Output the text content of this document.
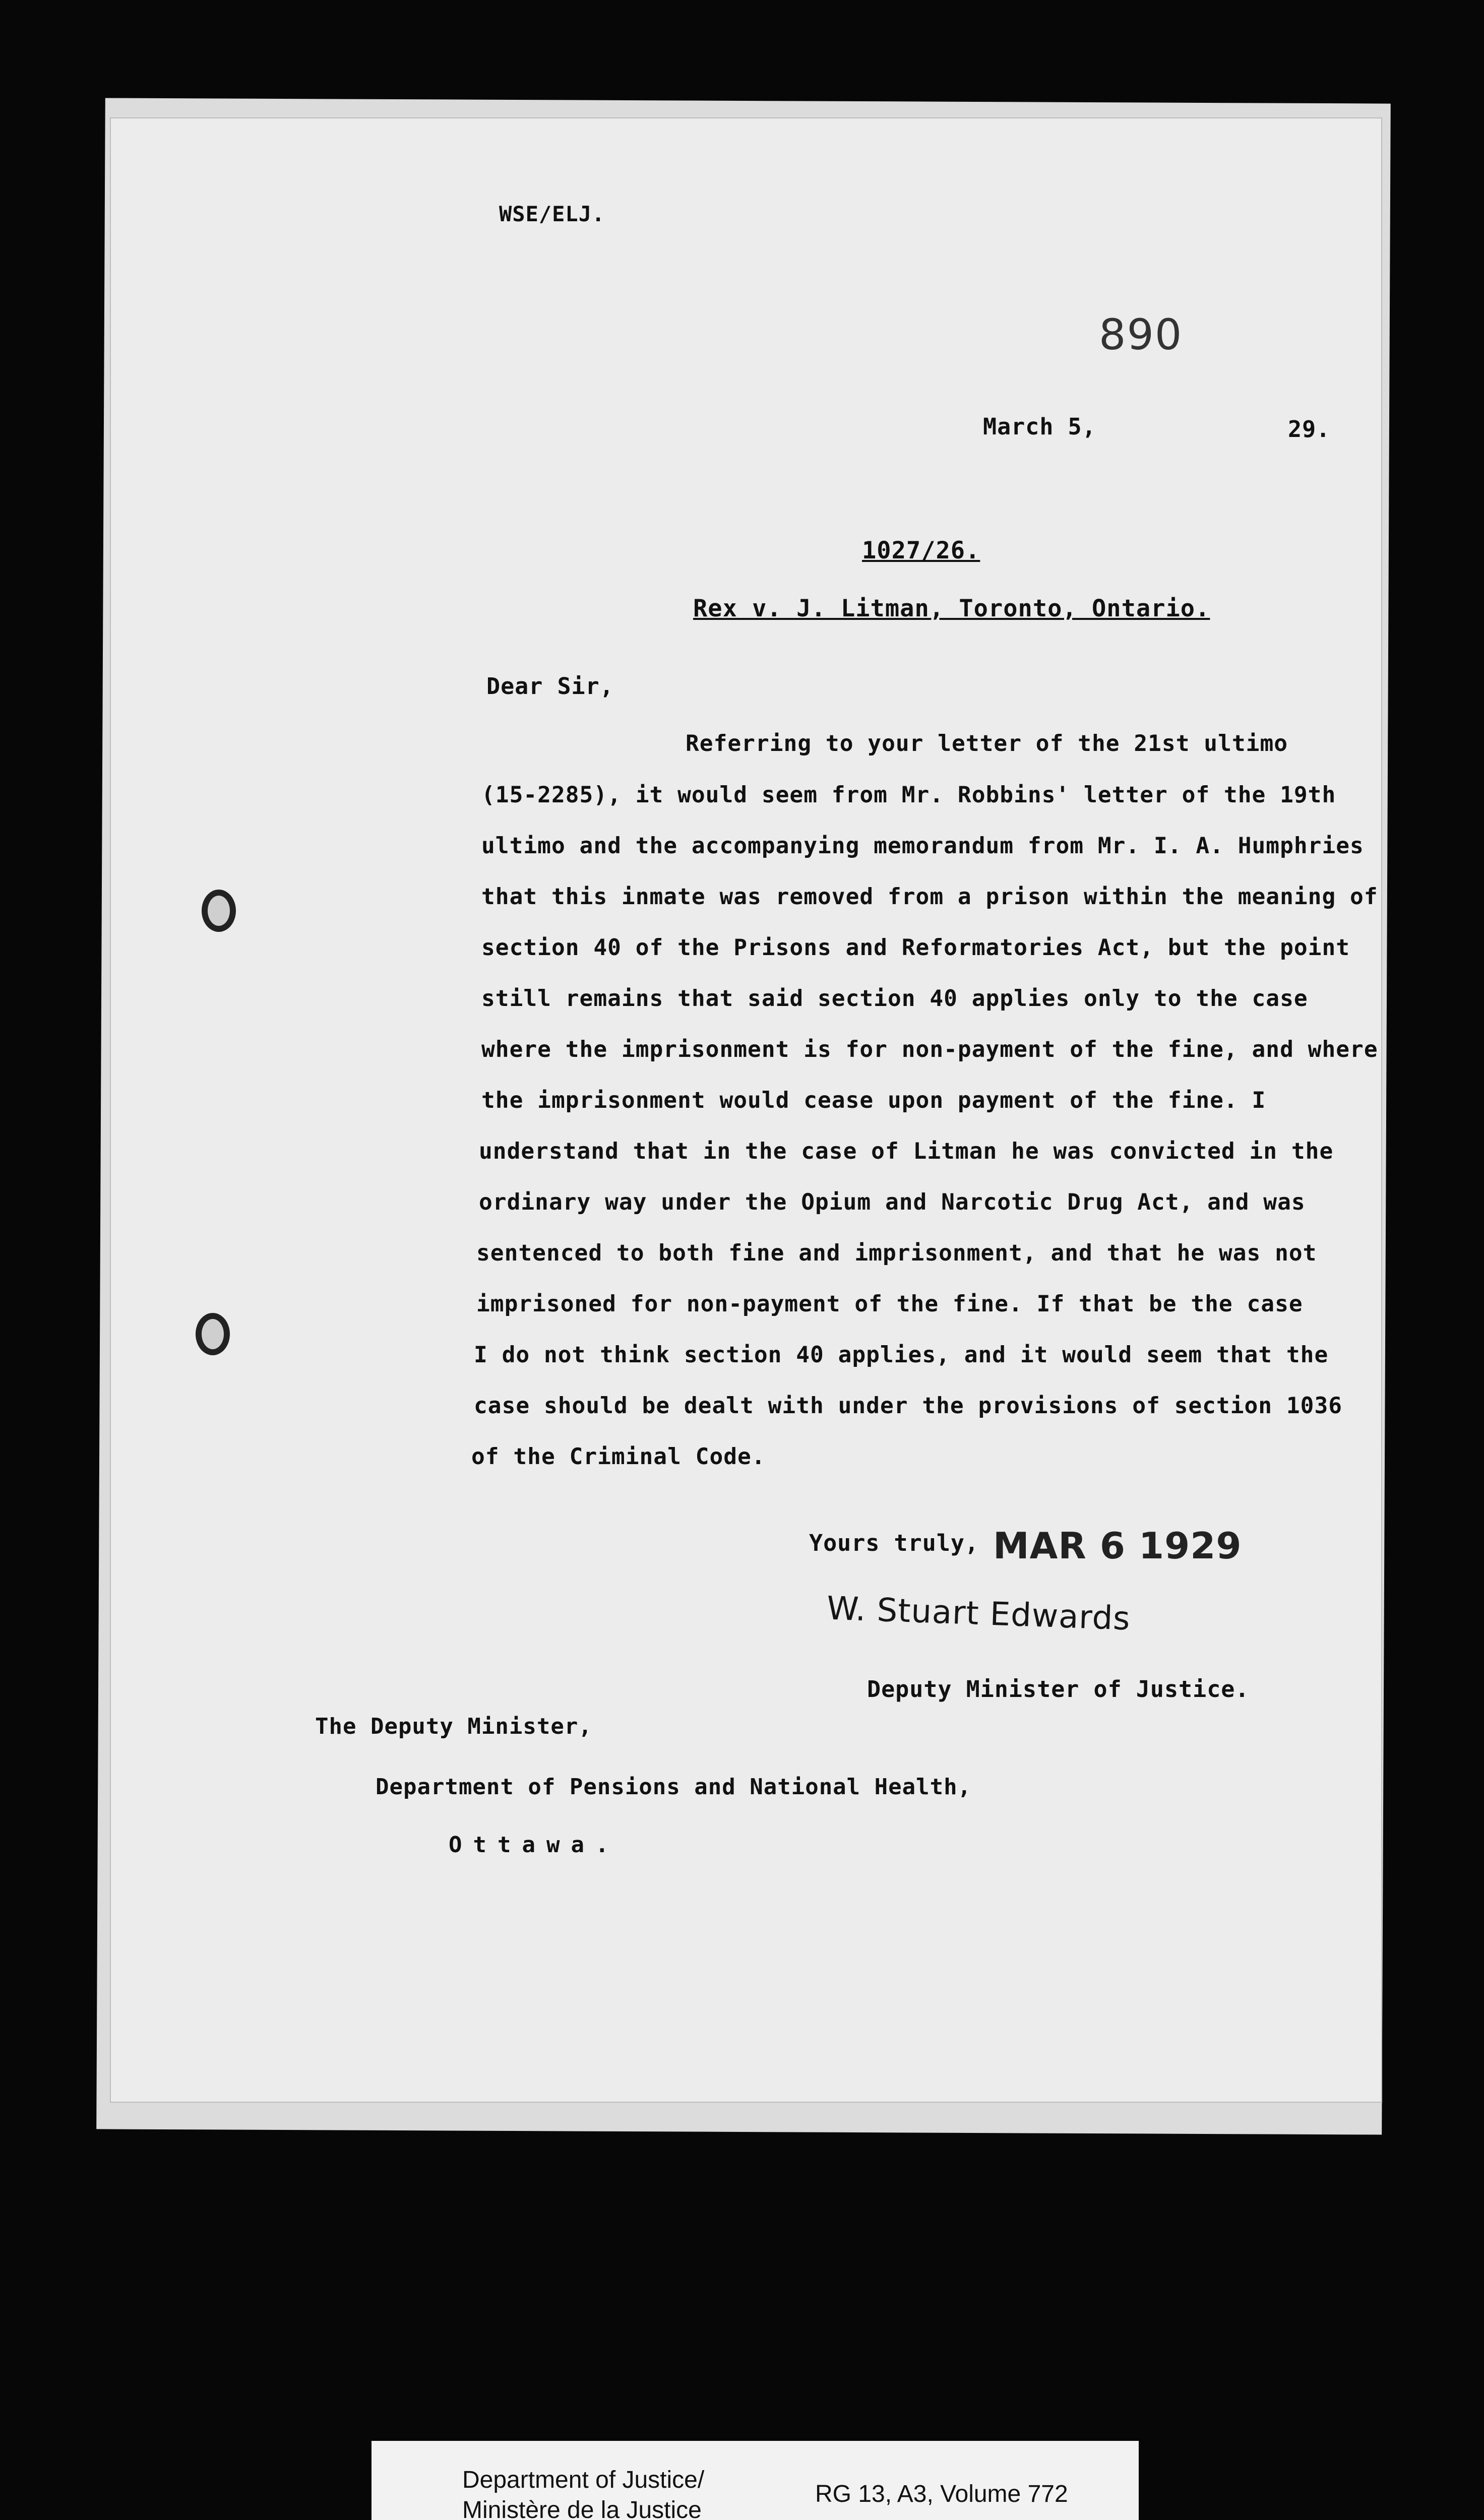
WSE/ELJ.
890
March 5,	29.
1027/26.
Rex v. J. Litman, Toronto, Ontario.
Dear Sir,
Referring to your letter of the 21st ultimo
(15-2285), it would seem from Mr. Robbins' letter of the 19th
ultimo and the accompanying memorandum from Mr. I. A. Humphries
that this inmate was removed from a prison within the meaning of
section 40 of the Prisons and Reformatories Act, but the point
still remains that said section 40 applies only to the case
where the imprisonment is for non-payment of the fine, and where
the imprisonment would cease upon payment of the fine. I
understand that in the case of Litman he was convicted in the
ordinary way under the Opium and Narcotic Drug Act, and was
sentenced to both fine and imprisonment, and that he was not
imprisoned for non-payment of the fine. If that be the case
I do not think section 40 applies, and it would seem that the
case should be dealt with under the provisions of section 1036
of the Criminal Code.
Yours truly, MAR 6 1929
W. Stuart Edwards
Deputy Minister of Justice.
The Deputy Minister,
Department of Pensions and National Health,
Ottawa.
Department of Justice/
Ministère de la Justice
RG 13, A3, Volume 772
